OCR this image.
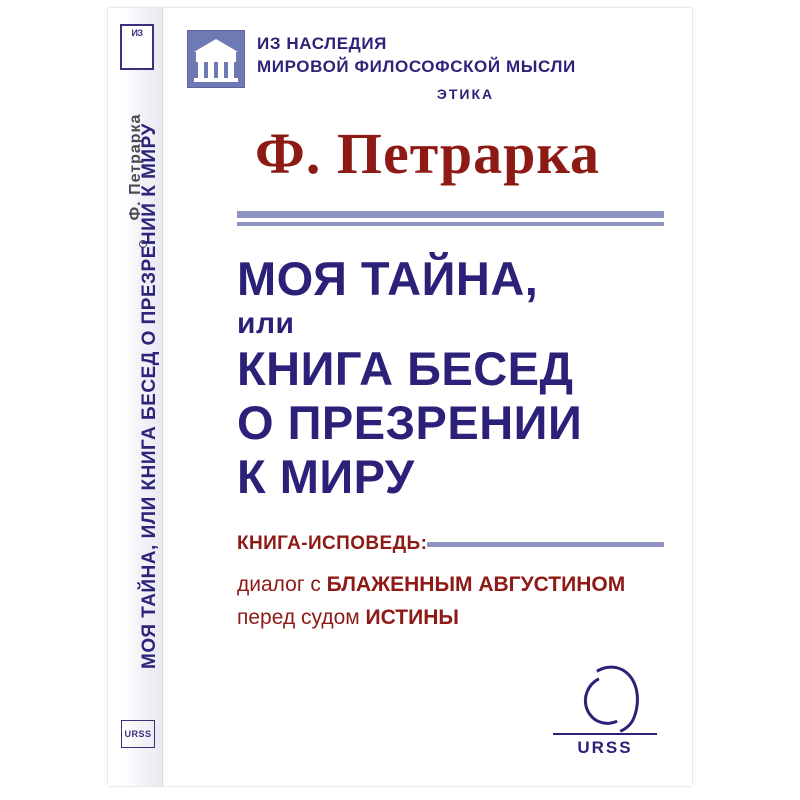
ИЗ
Ф. Петрарка
МОЯ ТАЙНА, ИЛИ КНИГА БЕСЕД О ПРЕЗРЕНИИ К МИРУ
URSS
ИЗ НАСЛЕДИЯ
МИРОВОЙ ФИЛОСОФСКОЙ МЫСЛИ
ЭТИКА
Ф. Петрарка
МОЯ ТАЙНА,
или
КНИГА БЕСЕД
О ПРЕЗРЕНИИ
К МИРУ
КНИГА-ИСПОВЕДЬ:
диалог с БЛАЖЕННЫМ АВГУСТИНОМ
перед судом ИСТИНЫ
URSS
